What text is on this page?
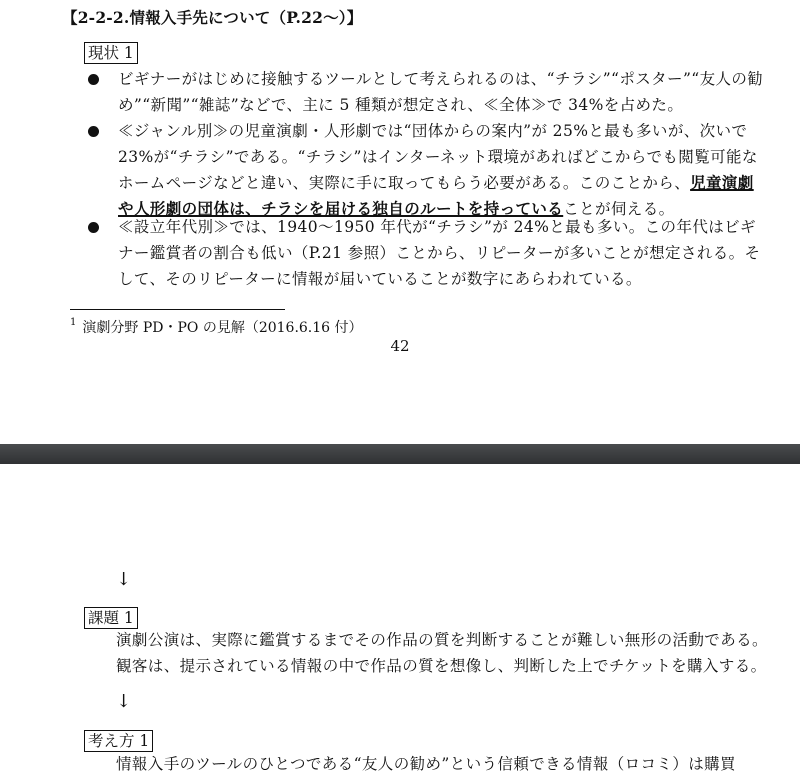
【2-2-2.情報入手先について（P.22〜）】
現状 1
ビギナーがはじめに接触するツールとして考えられるのは、“チラシ”“ポスター”“友人の勧め”“新聞”“雑誌”などで、主に 5 種類が想定され、≪全体≫で 34%を占めた。
≪ジャンル別≫の児童演劇・人形劇では“団体からの案内”が 25%と最も多いが、次いで 23%が“チラシ”である。“チラシ”はインターネット環境があればどこからでも閲覧可能なホームページなどと違い、実際に手に取ってもらう必要がある。このことから、児童演劇や人形劇の団体は、チラシを届ける独自のルートを持っていることが伺える。
≪設立年代別≫では、1940〜1950 年代が“チラシ”が 24%と最も多い。この年代はビギナー鑑賞者の割合も低い（P.21 参照）ことから、リピーターが多いことが想定される。そして、そのリピーターに情報が届いていることが数字にあらわれている。
$^1$ 演劇分野 PD・PO の見解（2016.6.16 付）
42
↓
課題 1
演劇公演は、実際に鑑賞するまでその作品の質を判断することが難しい無形の活動である。
観客は、提示されている情報の中で作品の質を想像し、判断した上でチケットを購入する。
↓
考え方 1
情報入手のツールのひとつである“友人の勧め”という信頼できる情報（ロコミ）は購買
